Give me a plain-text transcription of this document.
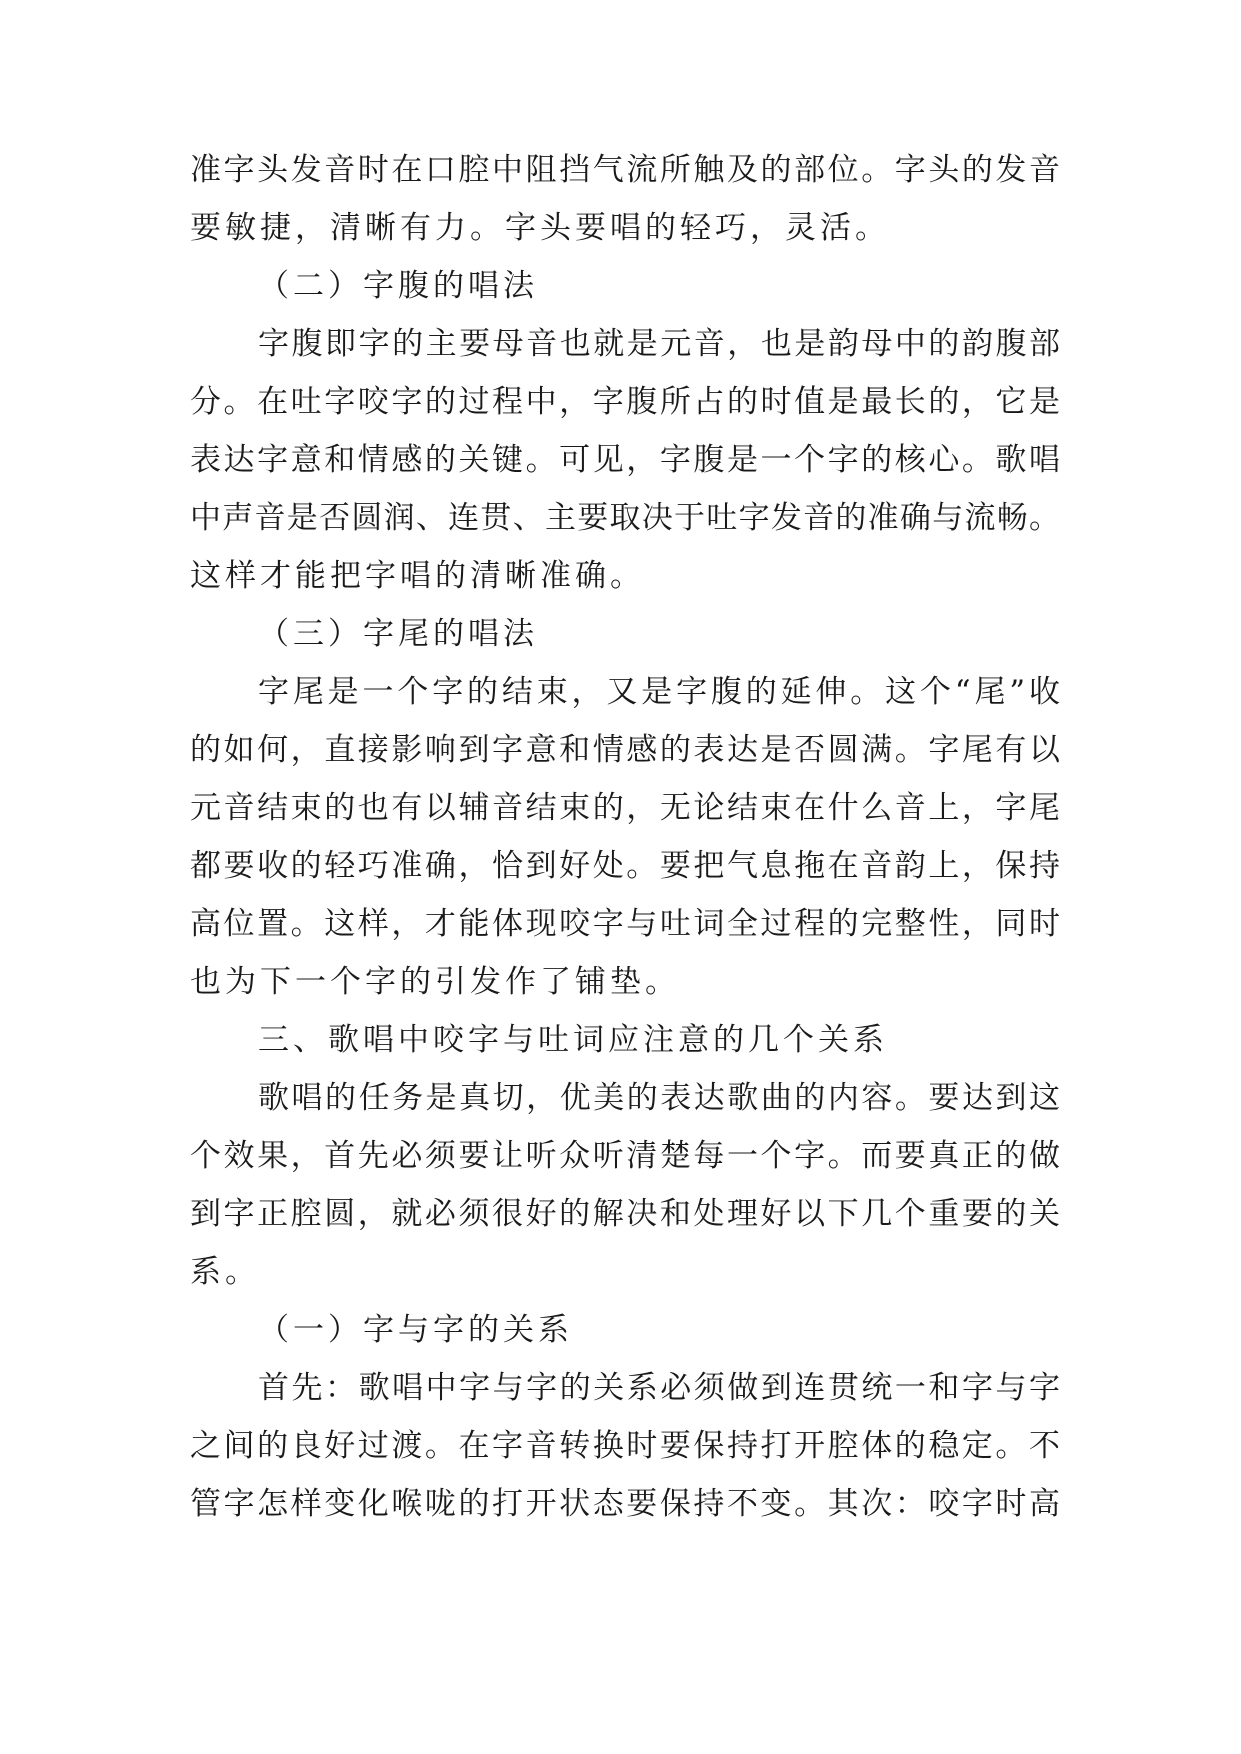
准字头发音时在口腔中阻挡气流所触及的部位。字头的发音
要敏捷，清晰有力。字头要唱的轻巧，灵活。
（二）字腹的唱法
字腹即字的主要母音也就是元音，也是韵母中的韵腹部
分。在吐字咬字的过程中，字腹所占的时值是最长的，它是
表达字意和情感的关键。可见，字腹是一个字的核心。歌唱
中声音是否圆润、连贯、主要取决于吐字发音的准确与流畅。
这样才能把字唱的清晰准确。
（三）字尾的唱法
字尾是一个字的结束，又是字腹的延伸。这个“尾”收
的如何，直接影响到字意和情感的表达是否圆满。字尾有以
元音结束的也有以辅音结束的，无论结束在什么音上，字尾
都要收的轻巧准确，恰到好处。要把气息拖在音韵上，保持
高位置。这样，才能体现咬字与吐词全过程的完整性，同时
也为下一个字的引发作了铺垫。
三、歌唱中咬字与吐词应注意的几个关系
歌唱的任务是真切，优美的表达歌曲的内容。要达到这
个效果，首先必须要让听众听清楚每一个字。而要真正的做
到字正腔圆，就必须很好的解决和处理好以下几个重要的关
系。
（一）字与字的关系
首先：歌唱中字与字的关系必须做到连贯统一和字与字
之间的良好过渡。在字音转换时要保持打开腔体的稳定。不
管字怎样变化喉咙的打开状态要保持不变。其次：咬字时高
